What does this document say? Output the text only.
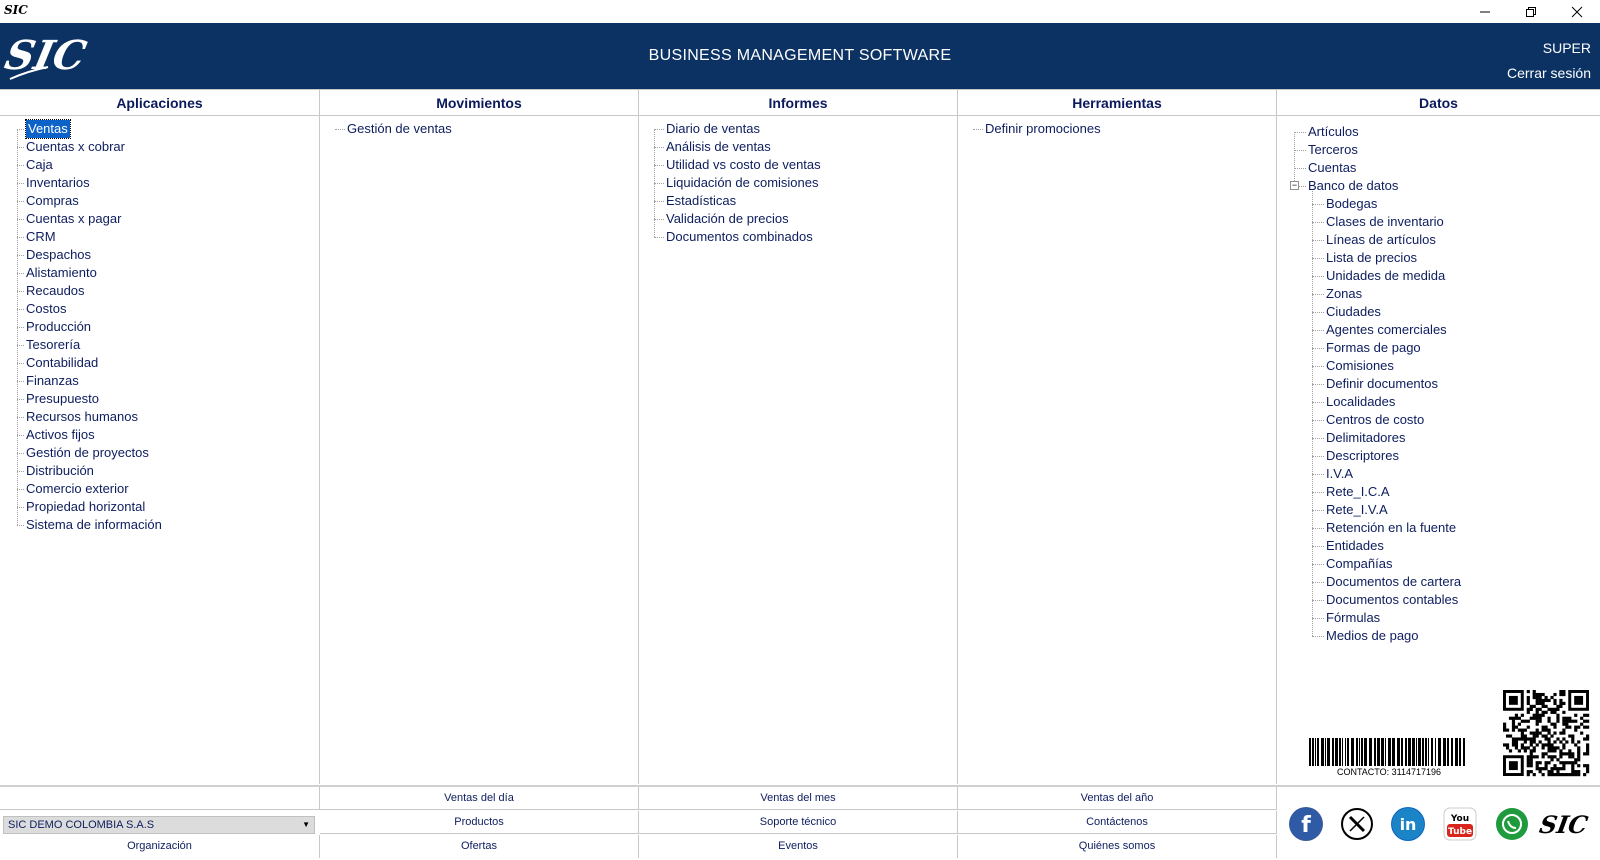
SIC
SIC	BUSINESS MANAGEMENT SOFTWARE	SUPER
Cerrar sesión
Aplicaciones
Ventas
Cuentas x cobrar
Caja
Inventarios
Compras
Cuentas x pagar
CRM
Despachos
Alistamiento
Recaudos
Costos
Producción
Tesorería
Contabilidad
Finanzas
Presupuesto
Recursos humanos
Activos fijos
Gestión de proyectos
Distribución
Comercio exterior
Propiedad horizontal
Sistema de información
Movimientos
Gestión de ventas
Informes
Diario de ventas
Análisis de ventas
Utilidad vs costo de ventas
Liquidación de comisiones
Estadísticas
Validación de precios
Documentos combinados
Herramientas
Definir promociones
Datos
Artículos
Terceros
Cuentas
− Banco de datos
Bodegas
Clases de inventario
Líneas de artículos
Lista de precios
Unidades de medida
Zonas
Ciudades
Agentes comerciales
Formas de pago
Comisiones
Definir documentos
Localidades
Centros de costo
Delimitadores
Descriptores
I.V.A
Rete_I.C.A
Rete_I.V.A
Retención en la fuente
Entidades
Compañías
Documentos de cartera
Documentos contables
Fórmulas
Medios de pago
CONTACTO: 3114717196
SIC DEMO COLOMBIA S.A.S	▼
Organización
Ventas del día	Ventas del mes	Ventas del año
Productos	Soporte técnico	Contáctenos
Ofertas	Eventos	Quiénes somos
f	in	You
Tube	SIC
